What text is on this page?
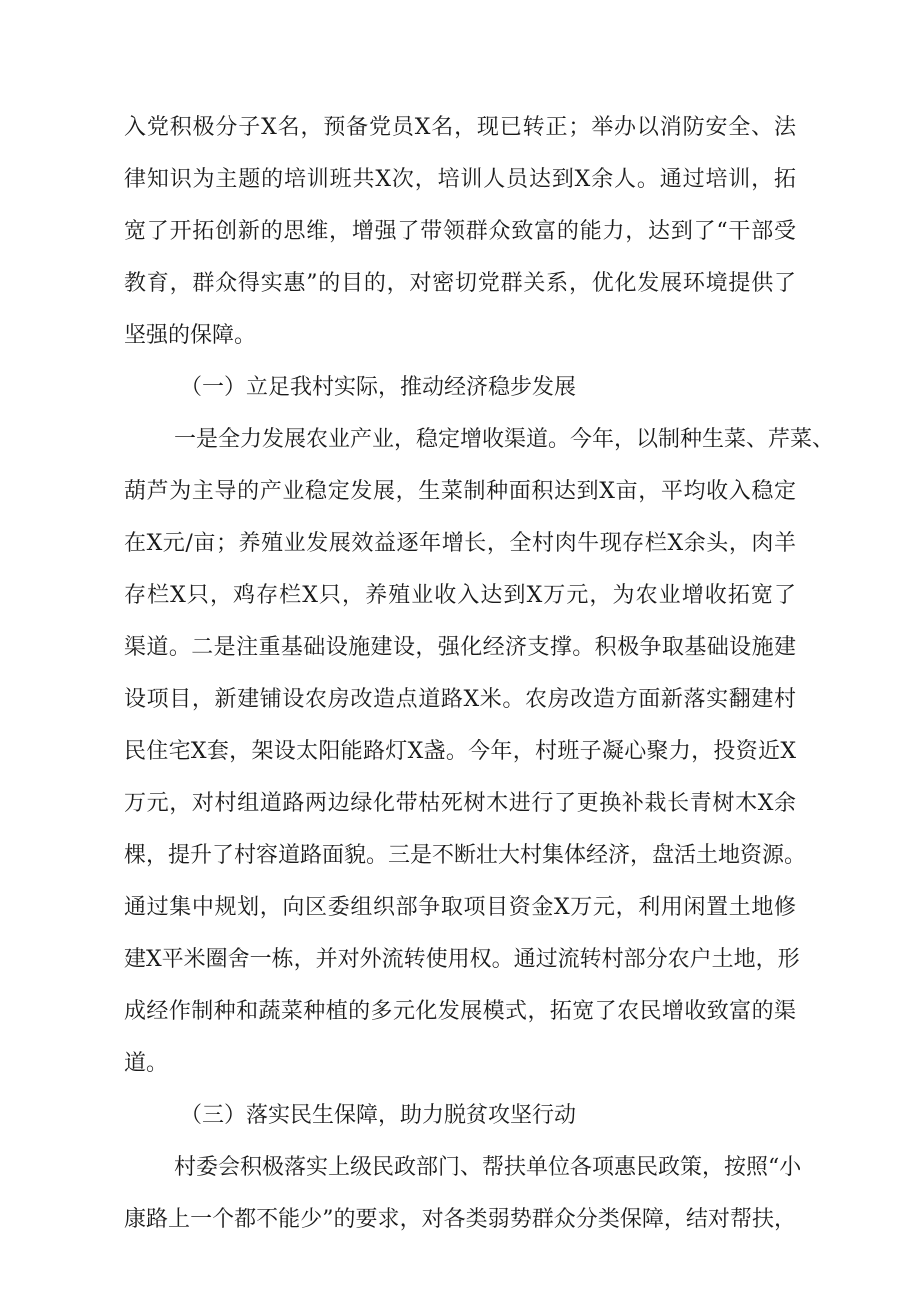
入党积极分子X名，预备党员X名，现已转正；举办以消防安全、法
律知识为主题的培训班共X次，培训人员达到X余人。通过培训，拓
宽了开拓创新的思维，增强了带领群众致富的能力，达到了“干部受
教育，群众得实惠”的目的，对密切党群关系，优化发展环境提供了
坚强的保障。
（一）立足我村实际，推动经济稳步发展
一是全力发展农业产业，稳定增收渠道。今年，以制种生菜、芹菜、
葫芦为主导的产业稳定发展，生菜制种面积达到X亩，平均收入稳定
在X元/亩；养殖业发展效益逐年增长，全村肉牛现存栏X余头，肉羊
存栏X只，鸡存栏X只，养殖业收入达到X万元，为农业增收拓宽了
渠道。二是注重基础设施建设，强化经济支撑。积极争取基础设施建
设项目，新建铺设农房改造点道路X米。农房改造方面新落实翻建村
民住宅X套，架设太阳能路灯X盏。今年，村班子凝心聚力，投资近X
万元，对村组道路两边绿化带枯死树木进行了更换补栽长青树木X余
棵，提升了村容道路面貌。三是不断壮大村集体经济，盘活土地资源。
通过集中规划，向区委组织部争取项目资金X万元，利用闲置土地修
建X平米圈舍一栋，并对外流转使用权。通过流转村部分农户土地，形
成经作制种和蔬菜种植的多元化发展模式，拓宽了农民增收致富的渠
道。
（三）落实民生保障，助力脱贫攻坚行动
村委会积极落实上级民政部门、帮扶单位各项惠民政策，按照“小
康路上一个都不能少”的要求，对各类弱势群众分类保障，结对帮扶，
